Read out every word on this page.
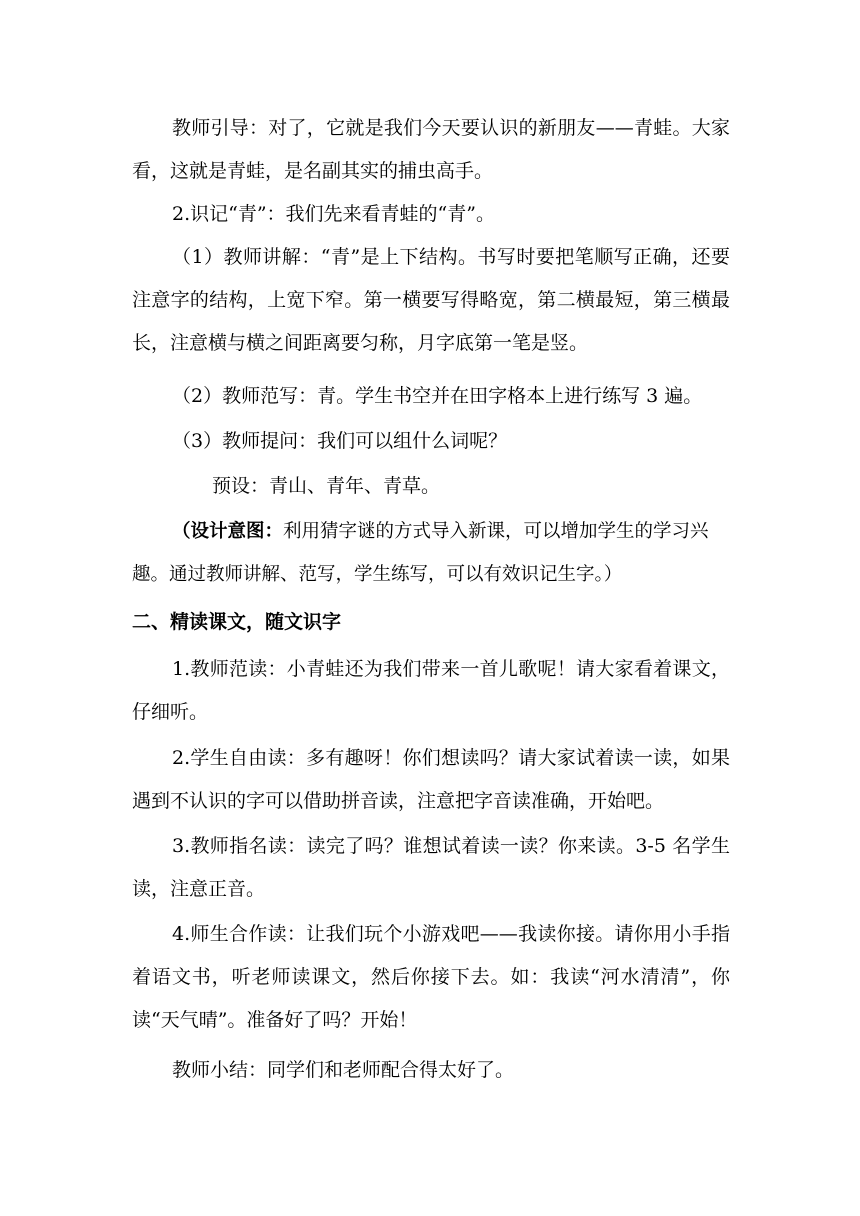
教师引导：对了，它就是我们今天要认识的新朋友——青蛙。大家看，这就是青蛙，是名副其实的捕虫高手。

2.识记“青”：我们先来看青蛙的“青”。

（1）教师讲解：“青”是上下结构。书写时要把笔顺写正确，还要注意字的结构，上宽下窄。第一横要写得略宽，第二横最短，第三横最长，注意横与横之间距离要匀称，月字底第一笔是竖。

（2）教师范写：青。学生书空并在田字格本上进行练写 3 遍。

（3）教师提问：我们可以组什么词呢？

预设：青山、青年、青草。

（设计意图：利用猜字谜的方式导入新课，可以增加学生的学习兴趣。通过教师讲解、范写，学生练写，可以有效识记生字。）

二、精读课文，随文识字

1.教师范读：小青蛙还为我们带来一首儿歌呢！请大家看着课文，仔细听。

2.学生自由读：多有趣呀！你们想读吗？请大家试着读一读，如果遇到不认识的字可以借助拼音读，注意把字音读准确，开始吧。

3.教师指名读：读完了吗？谁想试着读一读？你来读。3-5 名学生读，注意正音。

4.师生合作读：让我们玩个小游戏吧——我读你接。请你用小手指着语文书，听老师读课文，然后你接下去。如：我读“河水清清”，你读“天气晴”。准备好了吗？开始！

教师小结：同学们和老师配合得太好了。
